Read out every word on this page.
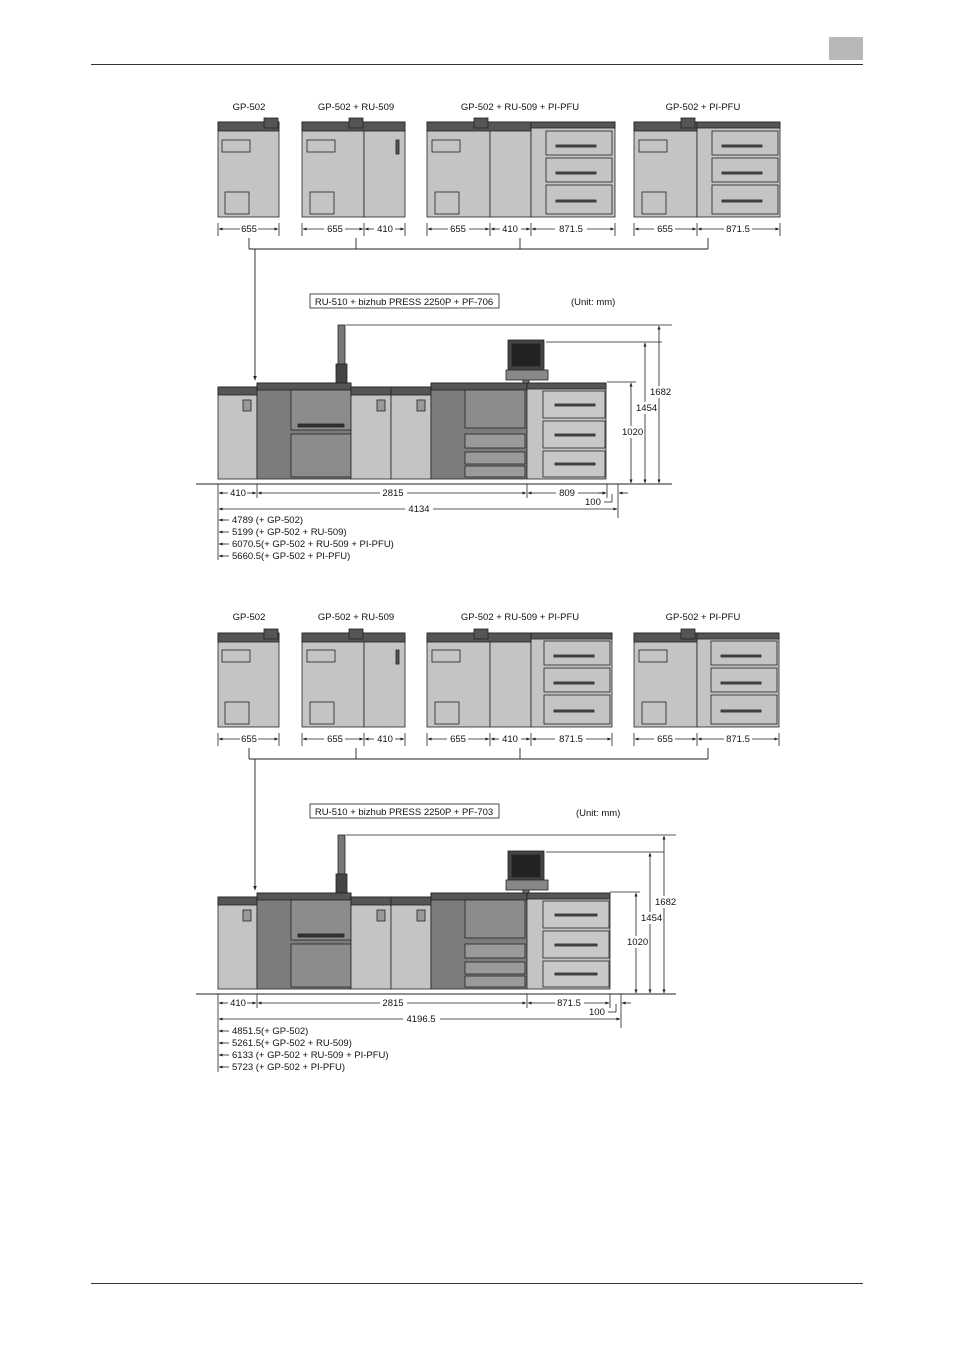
GP-502	GP-502 + RU-509	GP-502 + RU-509 + PI-PFU	GP-502 + PI-PFU
655	655	410	655	410	871.5	655	871.5
RU-510 + bizhub PRESS 2250P + PF-706	(Unit: mm)
1682
1454
1020
410	2815	809
100
4134
4789 (+ GP-502)
5199 (+ GP-502 + RU-509)
6070.5(+ GP-502 + RU-509 + PI-PFU)
5660.5(+ GP-502 + PI-PFU)
GP-502	GP-502 + RU-509	GP-502 + RU-509 + PI-PFU	GP-502 + PI-PFU
655	655	410	655	410	871.5	655	871.5
RU-510 + bizhub PRESS 2250P + PF-703	(Unit: mm)
1682
1454
1020
410	2815	871.5
100
4196.5
4851.5(+ GP-502)
5261.5(+ GP-502 + RU-509)
6133 (+ GP-502 + RU-509 + PI-PFU)
5723 (+ GP-502 + PI-PFU)
